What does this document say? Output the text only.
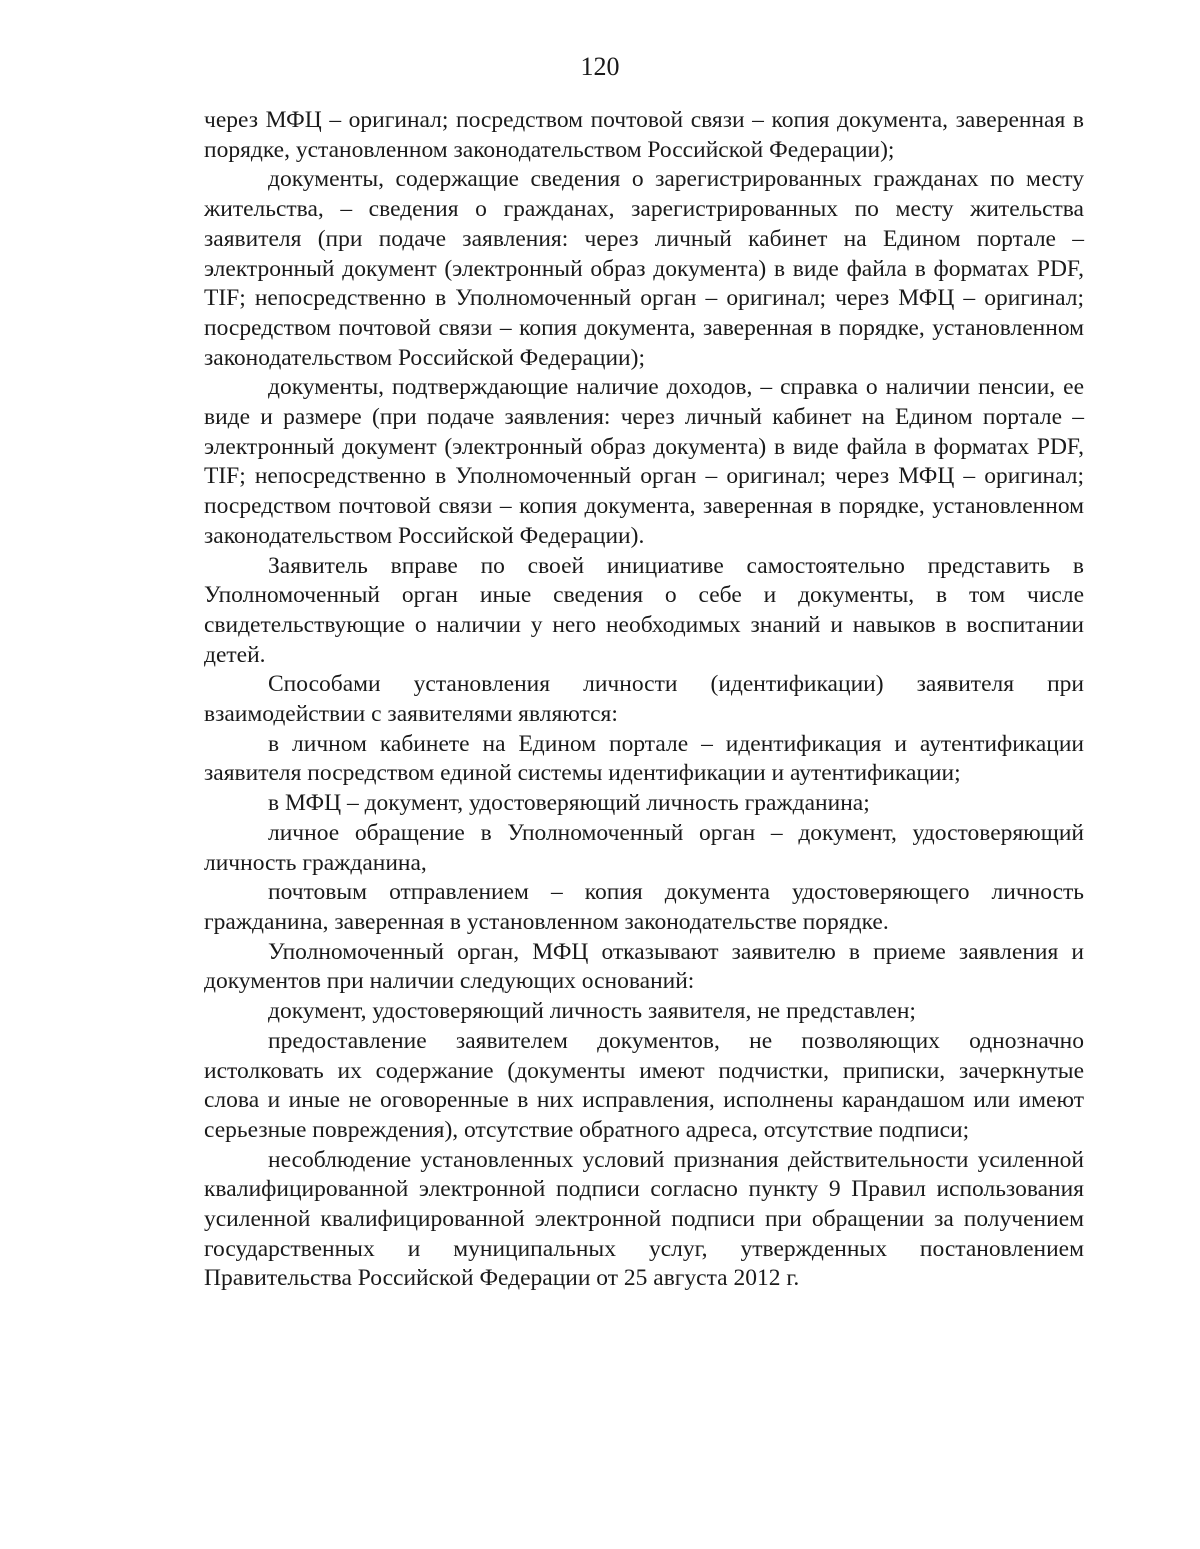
120

через МФЦ – оригинал; посредством почтовой связи – копия документа, заверенная в порядке, установленном законодательством Российской Федерации);

документы, содержащие сведения о зарегистрированных гражданах по месту жительства, – сведения о гражданах, зарегистрированных по месту жительства заявителя (при подаче заявления: через личный кабинет на Едином портале – электронный документ (электронный образ документа) в виде файла в форматах PDF, TIF; непосредственно в Уполномоченный орган – оригинал; через МФЦ – оригинал; посредством почтовой связи – копия документа, заверенная в порядке, установленном законодательством Российской Федерации);

документы, подтверждающие наличие доходов, – справка о наличии пенсии, ее виде и размере (при подаче заявления: через личный кабинет на Едином портале – электронный документ (электронный образ документа) в виде файла в форматах PDF, TIF; непосредственно в Уполномоченный орган – оригинал; через МФЦ – оригинал; посредством почтовой связи – копия документа, заверенная в порядке, установленном законодательством Российской Федерации).

Заявитель вправе по своей инициативе самостоятельно представить в Уполномоченный орган иные сведения о себе и документы, в том числе свидетельствующие о наличии у него необходимых знаний и навыков в воспитании детей.

Способами установления личности (идентификации) заявителя при взаимодействии с заявителями являются:

в личном кабинете на Едином портале – идентификация и аутентификации заявителя посредством единой системы идентификации и аутентификации;

в МФЦ – документ, удостоверяющий личность гражданина;

личное обращение в Уполномоченный орган – документ, удостоверяющий личность гражданина,

почтовым отправлением – копия документа удостоверяющего личность гражданина, заверенная в установленном законодательстве порядке.

Уполномоченный орган, МФЦ отказывают заявителю в приеме заявления и документов при наличии следующих оснований:

документ, удостоверяющий личность заявителя, не представлен;

предоставление заявителем документов, не позволяющих однозначно истолковать их содержание (документы имеют подчистки, приписки, зачеркнутые слова и иные не оговоренные в них исправления, исполнены карандашом или имеют серьезные повреждения), отсутствие обратного адреса, отсутствие подписи;

несоблюдение установленных условий признания действительности усиленной квалифицированной электронной подписи согласно пункту 9 Правил использования усиленной квалифицированной электронной подписи при обращении за получением государственных и муниципальных услуг, утвержденных постановлением Правительства Российской Федерации от 25 августа 2012 г.
